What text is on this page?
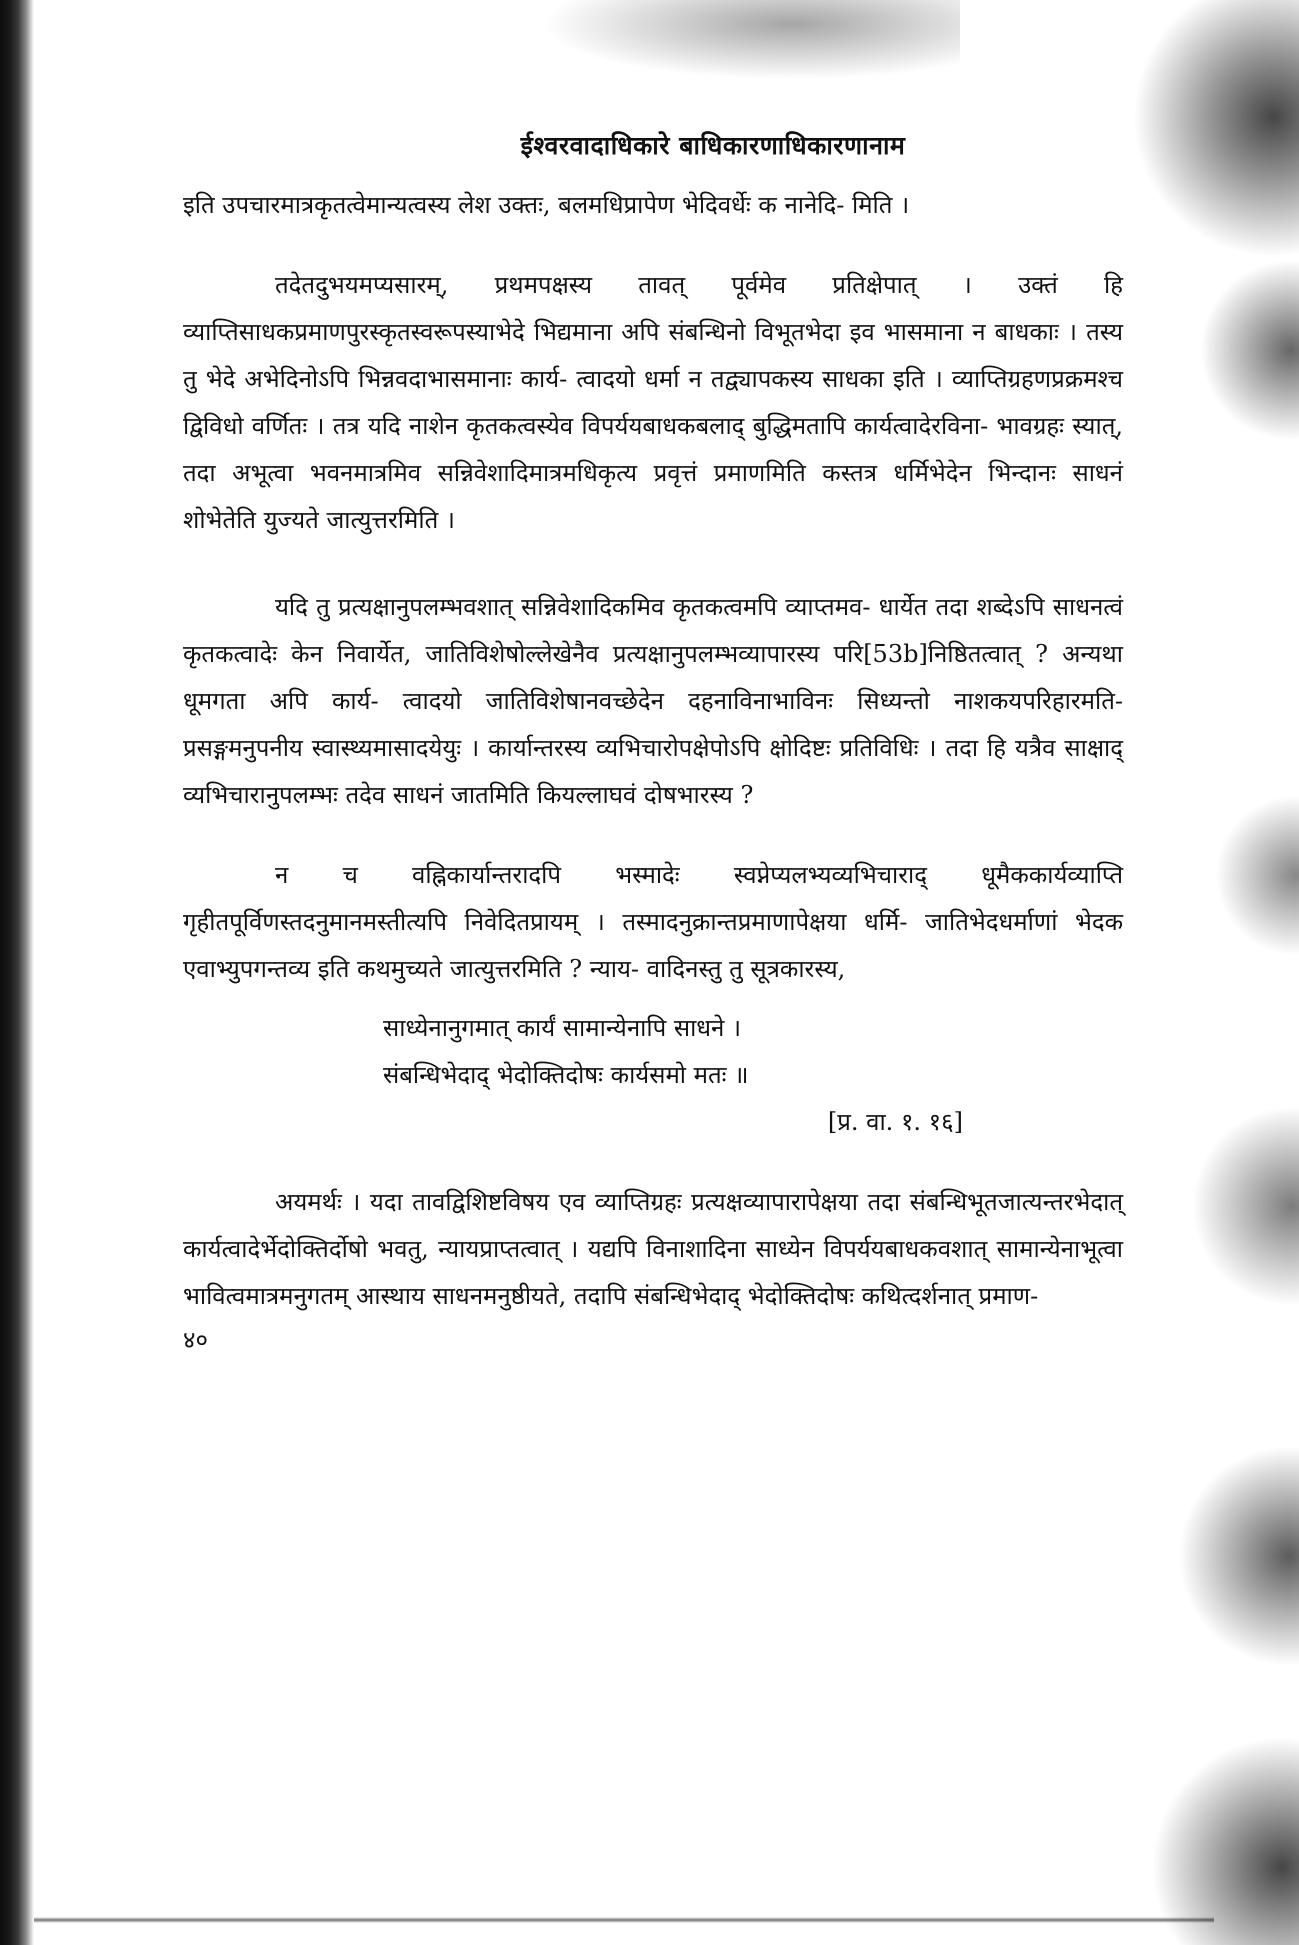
ईश्वरवादाधिकारे बाधिकारणाधिकारणानाम

इति उपचारमात्रकृतत्वेमान्यत्वस्य लेश उक्तः, बलमधिप्रापेण भेदिवर्धेः क नानेदि- मिति ।

तदेतदुभयमप्यसारम्, प्रथमपक्षस्य तावत् पूर्वमेव प्रतिक्षेपात् । उक्तं हि व्याप्तिसाधकप्रमाणपुरस्कृतस्वरूपस्याभेदे भिद्यमाना अपि संबन्धिनो विभूतभेदा इव भासमाना न बाधकाः । तस्य तु भेदे अभेदिनोऽपि भिन्नवदाभासमानाः कार्य- त्वादयो धर्मा न तद्व्यापकस्य साधका इति । व्याप्तिग्रहणप्रक्रमश्च द्विविधो वर्णितः । तत्र यदि नाशेन कृतकत्वस्येव विपर्ययबाधकबलाद् बुद्धिमतापि कार्यत्वादेरविना- भावग्रहः स्यात्, तदा अभूत्वा भवनमात्रमिव सन्निवेशादिमात्रमधिकृत्य प्रवृत्तं प्रमाणमिति कस्तत्र धर्मिभेदेन भिन्दानः साधनं शोभेतेति युज्यते जात्युत्तरमिति ।

यदि तु प्रत्यक्षानुपलम्भवशात् सन्निवेशादिकमिव कृतकत्वमपि व्याप्तमव- धार्येत तदा शब्देऽपि साधनत्वं कृतकत्वादेः केन निवार्येत, जातिविशेषोल्लेखेनैव प्रत्यक्षानुपलम्भव्यापारस्य परि[53b]निष्ठितत्वात् ? अन्यथा धूमगता अपि कार्य- त्वादयो जातिविशेषानवच्छेदेन दहनाविनाभाविनः सिध्यन्तो नाशकयपरिहारमति- प्रसङ्गमनुपनीय स्वास्थ्यमासादयेयुः । कार्यान्तरस्य व्यभिचारोपक्षेपोऽपि क्षोदिष्टः प्रतिविधिः । तदा हि यत्रैव साक्षाद् व्यभिचारानुपलम्भः तदेव साधनं जातमिति कियल्लाघवं दोषभारस्य ?

न च वह्निकार्यान्तरादपि भस्मादेः स्वप्नेप्यलभ्यव्यभिचाराद् धूमैककार्यव्याप्ति गृहीतपूर्विणस्तदनुमानमस्तीत्यपि निवेदितप्रायम् । तस्मादनुक्रान्तप्रमाणापेक्षया धर्मि- जातिभेदधर्माणां भेदक एवाभ्युपगन्तव्य इति कथमुच्यते जात्युत्तरमिति ? न्याय- वादिनस्तु तु सूत्रकारस्य,

साध्येनानुगमात् कार्यं सामान्येनापि साधने ।
संबन्धिभेदाद् भेदोक्तिदोषः कार्यसमो मतः ॥
[प्र. वा. १. १६]

अयमर्थः । यदा तावद्विशिष्टविषय एव व्याप्तिग्रहः प्रत्यक्षव्यापारापेक्षया तदा संबन्धिभूतजात्यन्तरभेदात् कार्यत्वादेर्भेदोक्तिर्दोषो भवतु, न्यायप्राप्तत्वात् । यद्यपि विनाशादिना साध्येन विपर्ययबाधकवशात् सामान्येनाभूत्वा भावित्वमात्रमनुगतम् आस्थाय साधनमनुष्ठीयते, तदापि संबन्धिभेदाद् भेदोक्तिदोषः कथित्दर्शनात् प्रमाण-

४०
